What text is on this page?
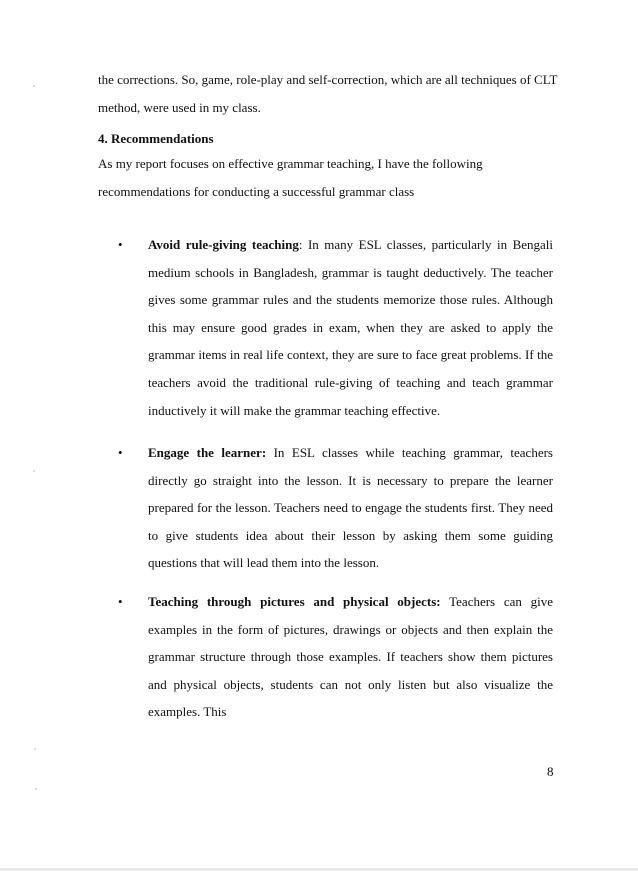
the corrections. So, game, role-play and self-correction, which are all techniques of CLT method, were used in my class.

4. Recommendations

As my report focuses on effective grammar teaching, I have the following recommendations for conducting a successful grammar class

• Avoid rule-giving teaching: In many ESL classes, particularly in Bengali medium schools in Bangladesh, grammar is taught deductively. The teacher gives some grammar rules and the students memorize those rules. Although this may ensure good grades in exam, when they are asked to apply the grammar items in real life context, they are sure to face great problems. If the teachers avoid the traditional rule-giving of teaching and teach grammar inductively it will make the grammar teaching effective.

• Engage the learner: In ESL classes while teaching grammar, teachers directly go straight into the lesson. It is necessary to prepare the learner prepared for the lesson. Teachers need to engage the students first. They need to give students idea about their lesson by asking them some guiding questions that will lead them into the lesson.

• Teaching through pictures and physical objects: Teachers can give examples in the form of pictures, drawings or objects and then explain the grammar structure through those examples. If teachers show them pictures and physical objects, students can not only listen but also visualize the examples. This

8
